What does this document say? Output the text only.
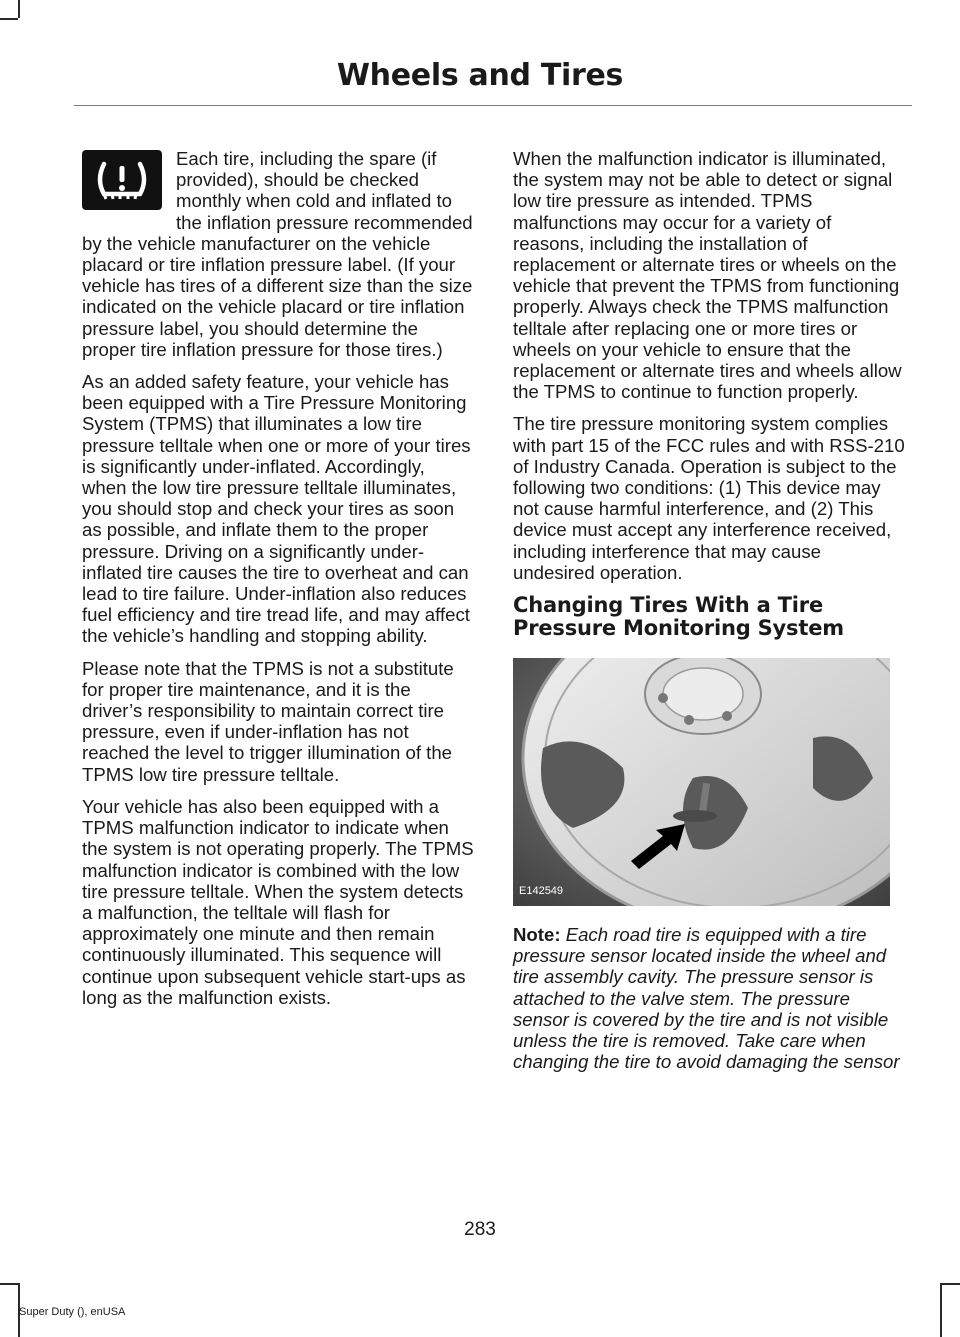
Wheels and Tires

Each tire, including the spare (if provided), should be checked monthly when cold and inflated to the inflation pressure recommended by the vehicle manufacturer on the vehicle placard or tire inflation pressure label. (If your vehicle has tires of a different size than the size indicated on the vehicle placard or tire inflation pressure label, you should determine the proper tire inflation pressure for those tires.)

As an added safety feature, your vehicle has been equipped with a Tire Pressure Monitoring System (TPMS) that illuminates a low tire pressure telltale when one or more of your tires is significantly under-inflated. Accordingly, when the low tire pressure telltale illuminates, you should stop and check your tires as soon as possible, and inflate them to the proper pressure. Driving on a significantly under-inflated tire causes the tire to overheat and can lead to tire failure. Under-inflation also reduces fuel efficiency and tire tread life, and may affect the vehicle’s handling and stopping ability.

Please note that the TPMS is not a substitute for proper tire maintenance, and it is the driver’s responsibility to maintain correct tire pressure, even if under-inflation has not reached the level to trigger illumination of the TPMS low tire pressure telltale.

Your vehicle has also been equipped with a TPMS malfunction indicator to indicate when the system is not operating properly. The TPMS malfunction indicator is combined with the low tire pressure telltale. When the system detects a malfunction, the telltale will flash for approximately one minute and then remain continuously illuminated. This sequence will continue upon subsequent vehicle start-ups as long as the malfunction exists.

When the malfunction indicator is illuminated, the system may not be able to detect or signal low tire pressure as intended. TPMS malfunctions may occur for a variety of reasons, including the installation of replacement or alternate tires or wheels on the vehicle that prevent the TPMS from functioning properly. Always check the TPMS malfunction telltale after replacing one or more tires or wheels on your vehicle to ensure that the replacement or alternate tires and wheels allow the TPMS to continue to function properly.

The tire pressure monitoring system complies with part 15 of the FCC rules and with RSS-210 of Industry Canada. Operation is subject to the following two conditions: (1) This device may not cause harmful interference, and (2) This device must accept any interference received, including interference that may cause undesired operation.

Changing Tires With a Tire Pressure Monitoring System
E142549

Note: Each road tire is equipped with a tire pressure sensor located inside the wheel and tire assembly cavity. The pressure sensor is attached to the valve stem. The pressure sensor is covered by the tire and is not visible unless the tire is removed. Take care when changing the tire to avoid damaging the sensor

283
Super Duty (), enUSA
